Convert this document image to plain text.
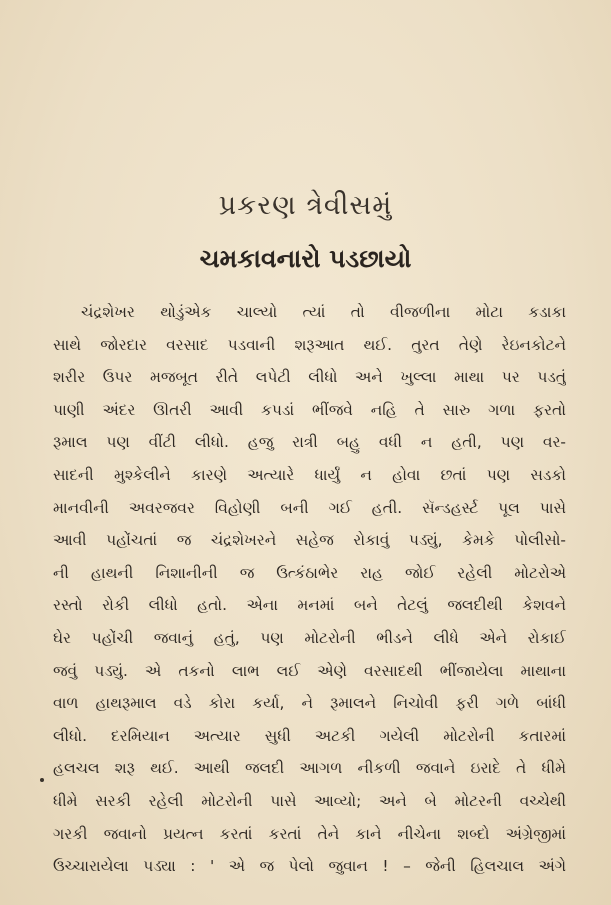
પ્રકરણ ત્રેવીસમું
ચમકાવનારો પડછાયો
ચંદ્રશેખર થોડુંએક ચાલ્યો ત્યાં તો વીજળીના મોટા કડાકા
સાથે જોરદાર વરસાદ પડવાની શરૂઆત થઈ. તુરત તેણે રેઇનકોટને
શરીર ઉપર મજબૂત રીતે લપેટી લીધો અને ખુલ્લા માથા પર પડતું
પાણી અંદર ઊતરી આવી કપડાં ભીંજવે નહિ તે સારુ ગળા ફરતો
રૂમાલ પણ વીંટી લીધો. હજુ રાત્રી બહુ વધી ન હતી, પણ વર-
સાદની મુશ્કેલીને કારણે અત્યારે ધાર્યું ન હોવા છતાં પણ સડકો
માનવીની અવરજવર વિહોણી બની ગઈ હતી. સૅન્ડહર્સ્ટ પૂલ પાસે
આવી પહોંચતાં જ ચંદ્રશેખરને સહેજ રોકાવું પડ્યું, કેમકે પોલીસો-
ની હાથની નિશાનીની જ ઉત્કંઠાભેર રાહ જોઈ રહેલી મોટરોએ
રસ્તો રોકી લીધો હતો. એના મનમાં બને તેટલું જલદીથી કેશવને
ઘેર પહોંચી જવાનું હતું, પણ મોટરોની ભીડને લીધે એને રોકાઈ
જવું પડ્યું. એ તકનો લાભ લઈ એણે વરસાદથી ભીંજાયેલા માથાના
વાળ હાથરૂમાલ વડે કોરા કર્યા, ને રૂમાલને નિચોવી ફરી ગળે બાંધી
લીધો. દરમિયાન અત્યાર સુધી અટકી ગયેલી મોટરોની કતારમાં
હલચલ શરૂ થઈ. આથી જલદી આગળ નીકળી જવાને ઇરાદે તે ધીમે
ધીમે સરકી રહેલી મોટરોની પાસે આવ્યો; અને બે મોટરની વચ્ચેથી
ગરકી જવાનો પ્રયત્ન કરતાં કરતાં તેને કાને નીચેના શબ્દો અંગ્રેજીમાં
ઉચ્ચારાયેલા પડ્યા : ' એ જ પેલો જુવાન ! – જેની હિલચાલ અંગે
